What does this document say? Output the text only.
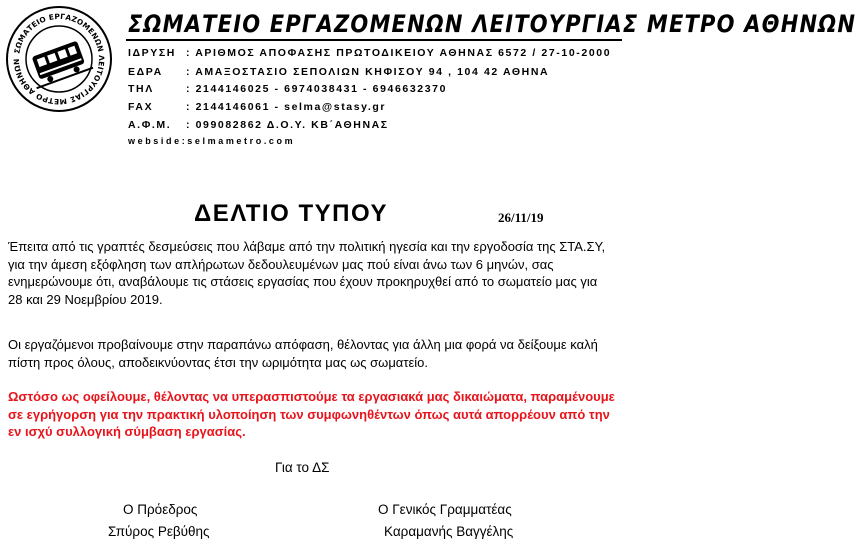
ΣΩΜΑΤΕΙΟ ΕΡΓΑΖΟΜΕΝΩΝ ΛΕΙΤΟΥΡΓΙΑΣ ΜΕΤΡΟ ΑΘΗΝΩΝ
ΣΩΜΑΤΕΙΟ ΕΡΓΑΖΟΜΕΝΩΝ ΛΕΙΤΟΥΡΓΙΑΣ ΜΕΤΡΟ ΑΘΗΝΩΝ
ΙΔΡΥΣΗ : ΑΡΙΘΜΟΣ ΑΠΟΦΑΣΗΣ ΠΡΩΤΟΔΙΚΕΙΟΥ ΑΘΗΝΑΣ 6572 / 27-10-2000
ΕΔΡΑ : ΑΜΑΞΟΣΤΑΣΙΟ ΣΕΠΟΛΙΩΝ ΚΗΦΙΣΟΥ 94 , 104 42 ΑΘΗΝΑ
ΤΗΛ	: 2144146025 - 6974038431 - 6946632370
FAX	: 2144146061 - selma@stasy.gr
Α.Φ.Μ. : 099082862 Δ.Ο.Υ. ΚΒ΄ΑΘΗΝΑΣ
webside:selmametro.com
ΔΕΛΤΙΟ ΤΥΠΟΥ	26/11/19
Έπειτα από τις γραπτές δεσμεύσεις που λάβαμε από την πολιτική ηγεσία και την εργοδοσία της ΣΤΑ.ΣΥ,
για την άμεση εξόφληση των απλήρωτων δεδουλευμένων μας πού είναι άνω των 6 μηνών, σας
ενημερώνουμε ότι, αναβάλουμε τις στάσεις εργασίας που έχουν προκηρυχθεί από το σωματείο μας για
28 και 29 Νοεμβρίου 2019.
Οι εργαζόμενοι προβαίνουμε στην παραπάνω απόφαση, θέλοντας για άλλη μια φορά να δείξουμε καλή
πίστη προς όλους, αποδεικνύοντας έτσι την ωριμότητα μας ως σωματείο.
Ωστόσο ως οφείλουμε, θέλοντας να υπερασπιστούμε τα εργασιακά μας δικαιώματα, παραμένουμε
σε εγρήγορση για την πρακτική υλοποίηση των συμφωνηθέντων όπως αυτά απορρέουν από την
εν ισχύ συλλογική σύμβαση εργασίας.
Για το ΔΣ
Ο Πρόεδρος
Σπύρος Ρεβύθης
Ο Γενικός Γραμματέας
Καραμανής Βαγγέλης
